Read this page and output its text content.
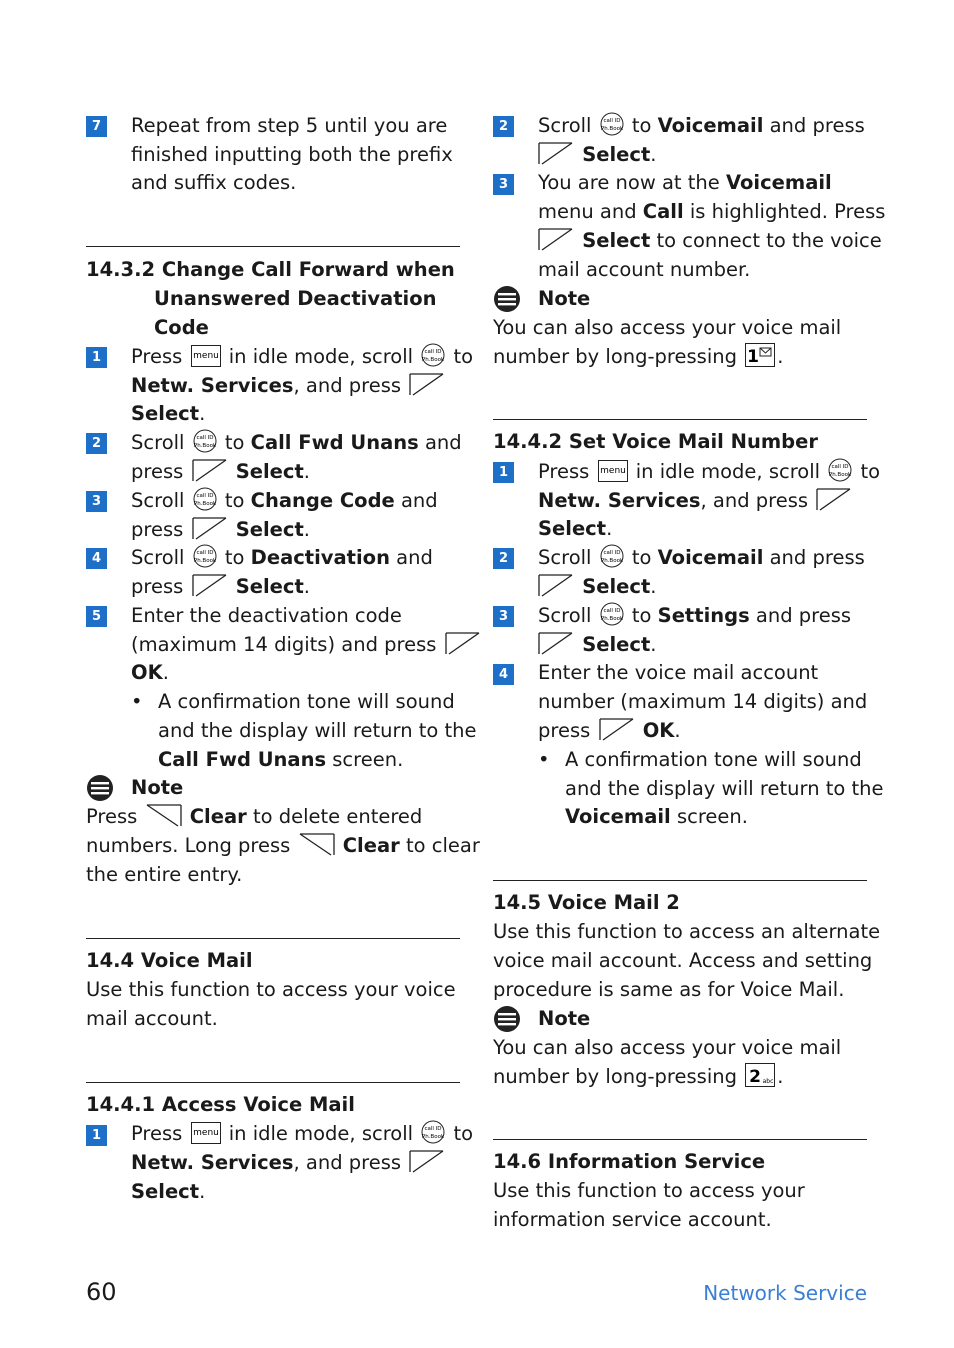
7	Repeat from step 5 until you are
finished inputting both the prefix
and suffix codes.
14.3.2 Change Call Forward when
Unanswered Deactivation
Code
1	Press menu in idle mode, scroll call ID
Ph.Book to
Netw. Services, and press
Select.
2	Scroll call ID
Ph.Book to Call Fwd Unans and
press	Select.
3	Scroll call ID
Ph.Book to Change Code and
press	Select.
4	Scroll call ID
Ph.Book to Deactivation and
press	Select.
5	Enter the deactivation code
(maximum 14 digits) and press
OK.
• A confirmation tone will sound
and the display will return to the
Call Fwd Unans screen.
Note
Press	Clear to delete entered
numbers. Long press	Clear to clear
the entire entry.
14.4 Voice Mail
Use this function to access your voice
mail account.
14.4.1 Access Voice Mail
1	Press menu in idle mode, scroll call ID
Ph.Book to
Netw. Services, and press
Select.
2	Scroll call ID
Ph.Book to Voicemail and press
Select.
3	You are now at the Voicemail
menu and Call is highlighted. Press
Select to connect to the voice
mail account number.
Note
You can also access your voice mail
number by long-pressing 1 .
14.4.2 Set Voice Mail Number
1	Press menu in idle mode, scroll call ID
Ph.Book to
Netw. Services, and press
Select.
2	Scroll call ID
Ph.Book to Voicemail and press
Select.
3	Scroll call ID
Ph.Book to Settings and press
Select.
4	Enter the voice mail account
number (maximum 14 digits) and
press	OK.
• A confirmation tone will sound
and the display will return to the
Voicemail screen.
14.5 Voice Mail 2
Use this function to access an alternate
voice mail account. Access and setting
procedure is same as for Voice Mail.
Note
You can also access your voice mail
number by long-pressing 2 abc .
14.6 Information Service
Use this function to access your
information service account.
60	Network Service
